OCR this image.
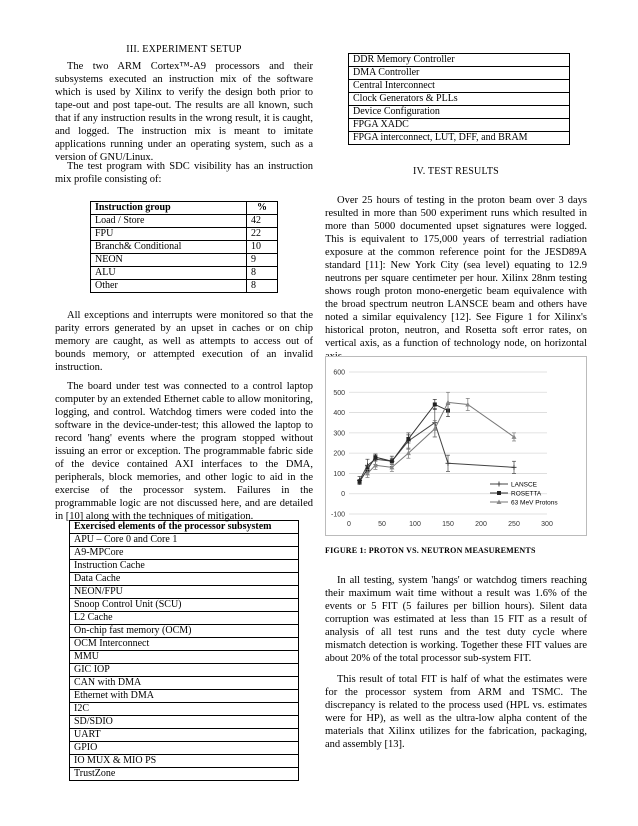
III. EXPERIMENT SETUP

The two ARM Cortex™-A9 processors and their subsystems executed an instruction mix of the software which is used by Xilinx to verify the design both prior to tape-out and post tape-out. The results are all known, such that if any instruction results in the wrong result, it is caught, and logged. The instruction mix is meant to imitate applications running under an operating system, such as a version of GNU/Linux.

The test program with SDC visibility has an instruction mix profile consisting of:

Instruction group	%
Load / Store	42
FPU	22
Branch& Conditional	10
NEON	9
ALU	8
Other	8

All exceptions and interrupts were monitored so that the parity errors generated by an upset in caches or on chip memory are caught, as well as attempts to access out of bounds memory, or attempted execution of an invalid instruction.

The board under test was connected to a control laptop computer by an extended Ethernet cable to allow monitoring, logging, and control. Watchdog timers were coded into the software in the device-under-test; this allowed the laptop to record 'hang' events where the program stopped without issuing an error or exception. The programmable fabric side of the device contained AXI interfaces to the DMA, peripherals, block memories, and other logic to aid in the exercise of the processor system. Failures in the programmable logic are not discussed here, and are detailed in [10] along with the techniques of mitigation.

Exercised elements of the processor subsystem
APU – Core 0 and Core 1
A9-MPCore
Instruction Cache
Data Cache
NEON/FPU
Snoop Control Unit (SCU)
L2 Cache
On-chip fast memory (OCM)
OCM Interconnect
MMU
GIC IOP
CAN with DMA
Ethernet with DMA
I2C
SD/SDIO
UART
GPIO
IO MUX & MIO PS
TrustZone
DDR Memory Controller
DMA Controller
Central Interconnect
Clock Generators & PLLs
Device Configuration
FPGA XADC
FPGA interconnect, LUT, DFF, and BRAM
IV. TEST RESULTS

Over 25 hours of testing in the proton beam over 3 days resulted in more than 500 experiment runs which resulted in more than 5000 documented upset signatures were logged. This is equivalent to 175,000 years of terrestrial radiation exposure at the common reference point for the JESD89A standard [11]: New York City (sea level) equating to 12.9 neutrons per square centimeter per hour. Xilinx 28nm testing shows rough proton mono-energetic beam equivalence with the broad spectrum neutron LANSCE beam and others have noted a similar equivalency [12]. See Figure 1 for Xilinx's historical proton, neutron, and Rosetta soft error rates, on vertical axis, as a function of technology node, on horizontal

FIGURE 1: PROTON VS. NEUTRON MEASUREMENTS

In all testing, system 'hangs' or watchdog timers reaching their maximum wait time without a result was 1.6% of the events or 5 FIT (5 failures per billion hours). Silent data corruption was estimated at less than 15 FIT as a result of analysis of all test runs and the test duty cycle where mismatch detection is working. Together these FIT values are about 20% of the total processor sub-system FIT.

This result of total FIT is half of what the estimates were for the processor system from ARM and TSMC. The discrepancy is related to the process used (HPL vs. estimates were for HP), as well as the ultra-low alpha content of the materials that Xilinx utilizes for the fabrication, packaging, and assembly [13].

-100
0
100
200
300
400
500
600
0	50	100	150	200	250	300
LANSCE
ROSETTA
63 MeV Protons
